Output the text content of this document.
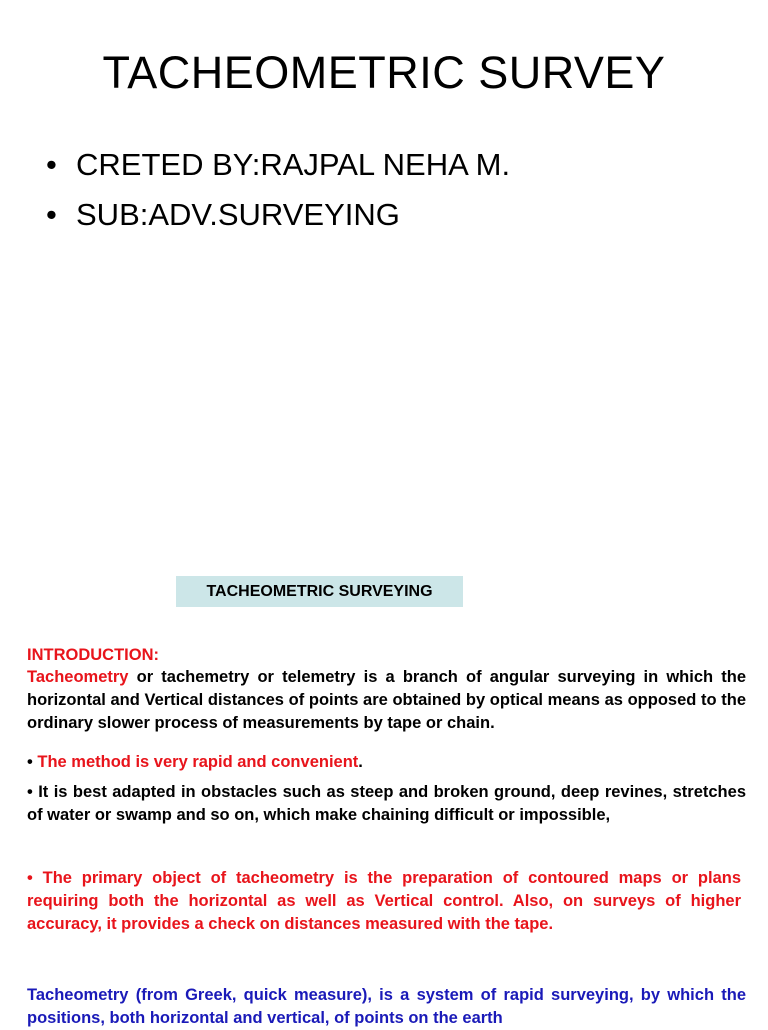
TACHEOMETRIC SURVEY
• CRETED BY:RAJPAL NEHA M.
• SUB:ADV.SURVEYING
TACHEOMETRIC SURVEYING
INTRODUCTION:
Tacheometry or tachemetry or telemetry is a branch of angular surveying in which the horizontal and Vertical distances of points are obtained by optical means as opposed to the ordinary slower process of measurements by tape or chain.
• The method is very rapid and convenient.
• It is best adapted in obstacles such as steep and broken ground, deep revines, stretches of water or swamp and so on, which make chaining difficult or impossible,
• The primary object of tacheometry is the preparation of contoured maps or plans requiring both the horizontal as well as Vertical control. Also, on surveys of higher accuracy, it provides a check on distances measured with the tape.
Tacheometry (from Greek, quick measure), is a system of rapid surveying, by which the positions, both horizontal and vertical, of points on the earth
